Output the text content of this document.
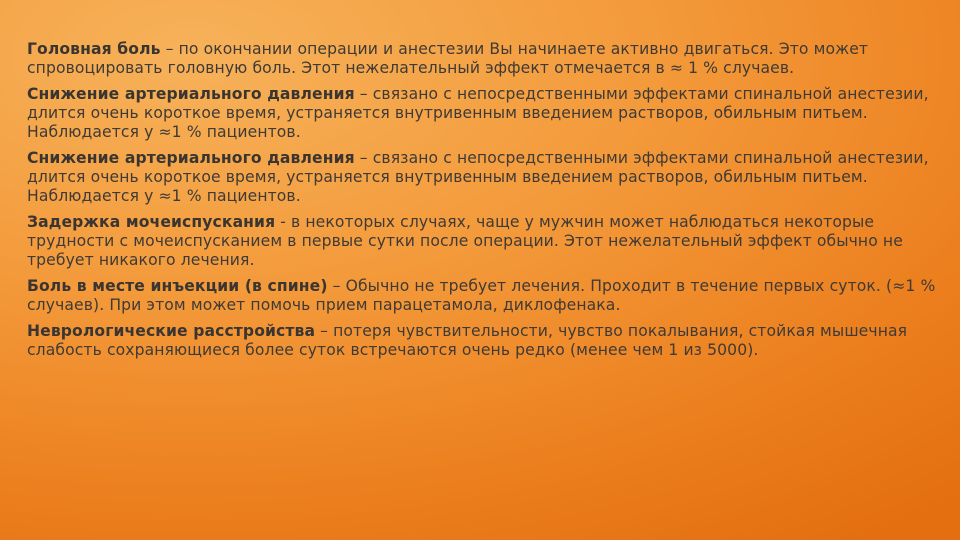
Головная боль – по окончании операции и анестезии Вы начинаете активно двигаться. Это может спровоцировать головную боль. Этот нежелательный эффект отмечается в ≈ 1 % случаев.

Снижение артериального давления – связано с непосредственными эффектами спинальной анестезии, длится очень короткое время, устраняется внутривенным введением растворов, обильным питьем. Наблюдается у ≈1 % пациентов.

Снижение артериального давления – связано с непосредственными эффектами спинальной анестезии, длится очень короткое время, устраняется внутривенным введением растворов, обильным питьем. Наблюдается у ≈1 % пациентов.

Задержка мочеиспускания - в некоторых случаях, чаще у мужчин может наблюдаться некоторые трудности с мочеиспусканием в первые сутки после операции. Этот нежелательный эффект обычно не требует никакого лечения.

Боль в месте инъекции (в спине) – Обычно не требует лечения. Проходит в течение первых суток. (≈1 % случаев). При этом может помочь прием парацетамола, диклофенака.

Неврологические расстройства – потеря чувствительности, чувство покалывания, стойкая мышечная слабость сохраняющиеся более суток встречаются очень редко (менее чем 1 из 5000).
